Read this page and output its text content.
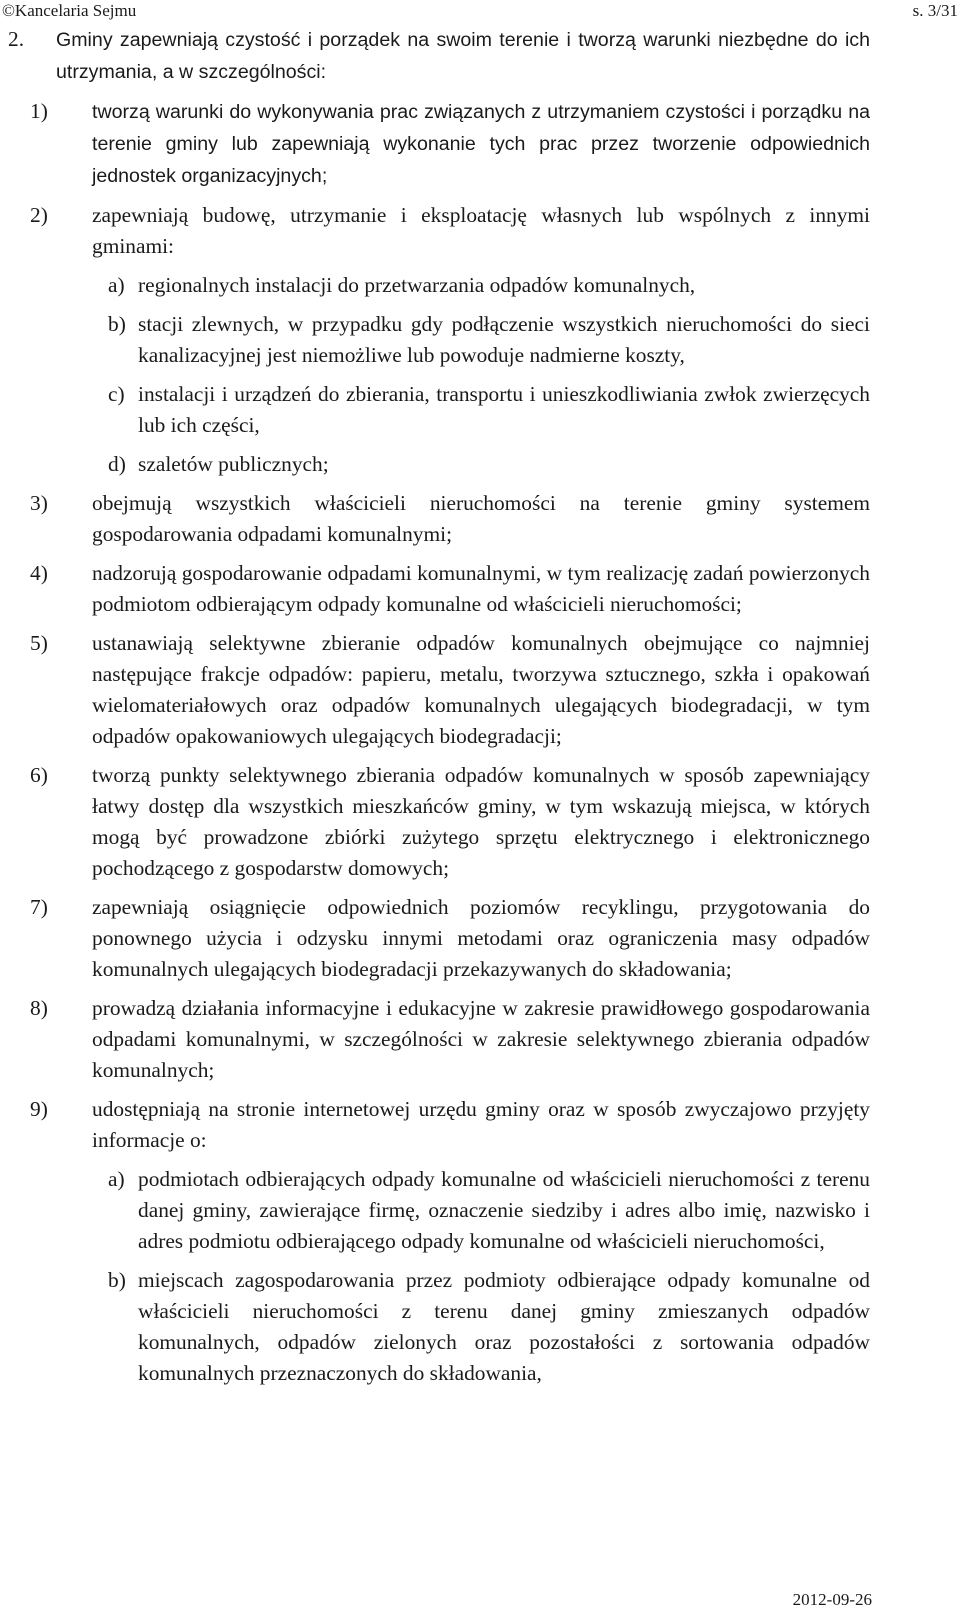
©Kancelaria Sejmu	s. 3/31
2. Gminy zapewniają czystość i porządek na swoim terenie i tworzą warunki niezbędne do ich utrzymania, a w szczególności:
1) tworzą warunki do wykonywania prac związanych z utrzymaniem czystości i porządku na terenie gminy lub zapewniają wykonanie tych prac przez tworzenie odpowiednich jednostek organizacyjnych;
2) zapewniają budowę, utrzymanie i eksploatację własnych lub wspólnych z innymi gminami:
a) regionalnych instalacji do przetwarzania odpadów komunalnych,
b) stacji zlewnych, w przypadku gdy podłączenie wszystkich nieruchomości do sieci kanalizacyjnej jest niemożliwe lub powoduje nadmierne koszty,
c) instalacji i urządzeń do zbierania, transportu i unieszkodliwiania zwłok zwierzęcych lub ich części,
d) szaletów publicznych;
3) obejmują wszystkich właścicieli nieruchomości na terenie gminy systemem gospodarowania odpadami komunalnymi;
4) nadzorują gospodarowanie odpadami komunalnymi, w tym realizację zadań powierzonych podmiotom odbierającym odpady komunalne od właścicieli nieruchomości;
5) ustanawiają selektywne zbieranie odpadów komunalnych obejmujące co najmniej następujące frakcje odpadów: papieru, metalu, tworzywa sztucznego, szkła i opakowań wielomateriałowych oraz odpadów komunalnych ulegających biodegradacji, w tym odpadów opakowaniowych ulegających biodegradacji;
6) tworzą punkty selektywnego zbierania odpadów komunalnych w sposób zapewniający łatwy dostęp dla wszystkich mieszkańców gminy, w tym wskazują miejsca, w których mogą być prowadzone zbiórki zużytego sprzętu elektrycznego i elektronicznego pochodzącego z gospodarstw domowych;
7) zapewniają osiągnięcie odpowiednich poziomów recyklingu, przygotowania do ponownego użycia i odzysku innymi metodami oraz ograniczenia masy odpadów komunalnych ulegających biodegradacji przekazywanych do składowania;
8) prowadzą działania informacyjne i edukacyjne w zakresie prawidłowego gospodarowania odpadami komunalnymi, w szczególności w zakresie selektywnego zbierania odpadów komunalnych;
9) udostępniają na stronie internetowej urzędu gminy oraz w sposób zwyczajowo przyjęty informacje o:
a) podmiotach odbierających odpady komunalne od właścicieli nieruchomości z terenu danej gminy, zawierające firmę, oznaczenie siedziby i adres albo imię, nazwisko i adres podmiotu odbierającego odpady komunalne od właścicieli nieruchomości,
b) miejscach zagospodarowania przez podmioty odbierające odpady komunalne od właścicieli nieruchomości z terenu danej gminy zmieszanych odpadów komunalnych, odpadów zielonych oraz pozostałości z sortowania odpadów komunalnych przeznaczonych do składowania,
2012-09-26
